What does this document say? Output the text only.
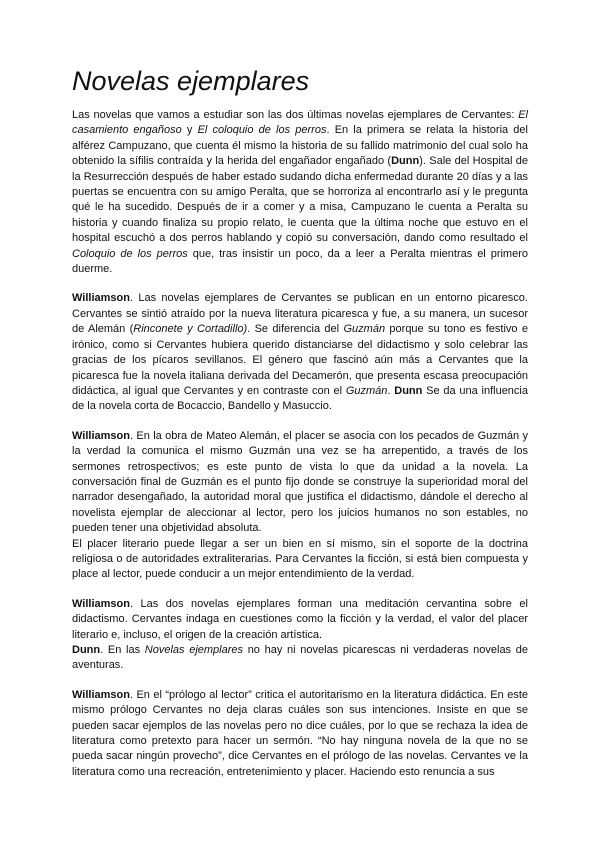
Novelas ejemplares

Las novelas que vamos a estudiar son las dos últimas novelas ejemplares de Cervantes: El casamiento engañoso y El coloquio de los perros. En la primera se relata la historia del alférez Campuzano, que cuenta él mismo la historia de su fallido matrimonio del cual solo ha obtenido la sífilis contraída y la herida del engañador engañado (Dunn). Sale del Hospital de la Resurrección después de haber estado sudando dicha enfermedad durante 20 días y a las puertas se encuentra con su amigo Peralta, que se horroriza al encontrarlo así y le pregunta qué le ha sucedido. Después de ir a comer y a misa, Campuzano le cuenta a Peralta su historia y cuando finaliza su propio relato, le cuenta que la última noche que estuvo en el hospital escuchó a dos perros hablando y copió su conversación, dando como resultado el Coloquio de los perros que, tras insistir un poco, da a leer a Peralta mientras el primero duerme.

Williamson. Las novelas ejemplares de Cervantes se publican en un entorno picaresco. Cervantes se sintió atraído por la nueva literatura picaresca y fue, a su manera, un sucesor de Alemán (Rinconete y Cortadillo). Se diferencia del Guzmán porque su tono es festivo e irónico, como si Cervantes hubiera querido distanciarse del didactismo y solo celebrar las gracias de los pícaros sevillanos. El género que fascinó aún más a Cervantes que la picaresca fue la novela italiana derivada del Decamerón, que presenta escasa preocupación didáctica, al igual que Cervantes y en contraste con el Guzmán. Dunn Se da una influencia de la novela corta de Bocaccio, Bandello y Masuccio.

Williamson. En la obra de Mateo Alemán, el placer se asocia con los pecados de Guzmán y la verdad la comunica el mismo Guzmán una vez se ha arrepentido, a través de los sermones retrospectivos; es este punto de vista lo que da unidad a la novela. La conversación final de Guzmán es el punto fijo donde se construye la superioridad moral del narrador desengañado, la autoridad moral que justifica el didactismo, dándole el derecho al novelista ejemplar de aleccionar al lector, pero los juicios humanos no son estables, no pueden tener una objetividad absoluta.

El placer literario puede llegar a ser un bien en sí mismo, sin el soporte de la doctrina religiosa o de autoridades extraliterarias. Para Cervantes la ficción, si está bien compuesta y place al lector, puede conducir a un mejor entendimiento de la verdad.

Williamson. Las dos novelas ejemplares forman una meditación cervantina sobre el didactismo. Cervantes indaga en cuestiones como la ficción y la verdad, el valor del placer literario e, incluso, el origen de la creación artística.

Dunn. En las Novelas ejemplares no hay ni novelas picarescas ni verdaderas novelas de aventuras.

Williamson. En el “prólogo al lector” critica el autoritarismo en la literatura didáctica. En este mismo prólogo Cervantes no deja claras cuáles son sus intenciones. Insiste en que se pueden sacar ejemplos de las novelas pero no dice cuáles, por lo que se rechaza la idea de literatura como pretexto para hacer un sermón. “No hay ninguna novela de la que no se pueda sacar ningún provecho”, dice Cervantes en el prólogo de las novelas. Cervantes ve la literatura como una recreación, entretenimiento y placer. Haciendo esto renuncia a sus
